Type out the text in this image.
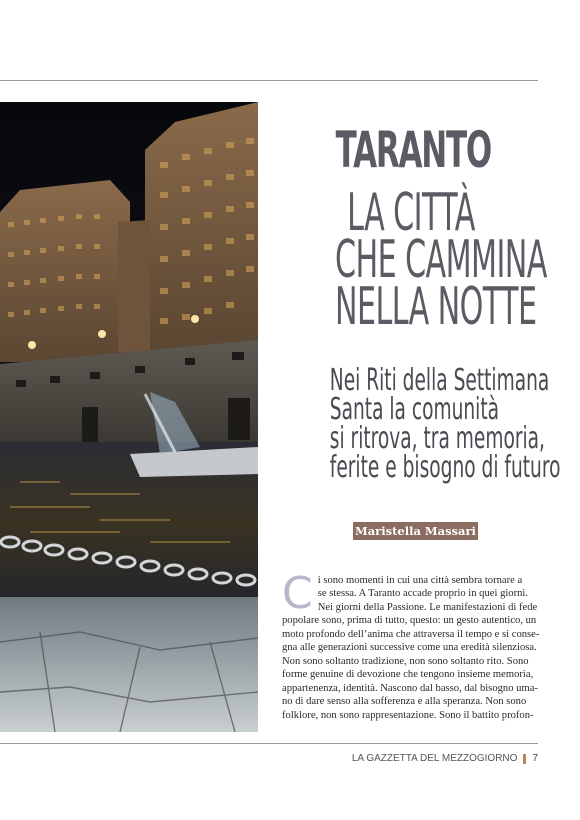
TARANTO
LA CITTÀ
CHE CAMMINA
NELLA NOTTE
Nei Riti della Settimana
Santa la comunità
si ritrova, tra memoria,
ferite e bisogno di futuro
Maristella Massari
C i sono momenti in cui una città sembra tornare a
se stessa. A Taranto accade proprio in quei giorni.
Nei giorni della Passione. Le manifestazioni di fede
popolare sono, prima di tutto, questo: un gesto autentico, un
moto profondo dell’anima che attraversa il tempo e si conse-
gna alle generazioni successive come una eredità silenziosa.
Non sono soltanto tradizione, non sono soltanto rito. Sono
forme genuine di devozione che tengono insieme memoria,
appartenenza, identità. Nascono dal basso, dal bisogno uma-
no di dare senso alla sofferenza e alla speranza. Non sono
folklore, non sono rappresentazione. Sono il battito profon-
LA GAZZETTA DEL MEZZOGIORNO 7
